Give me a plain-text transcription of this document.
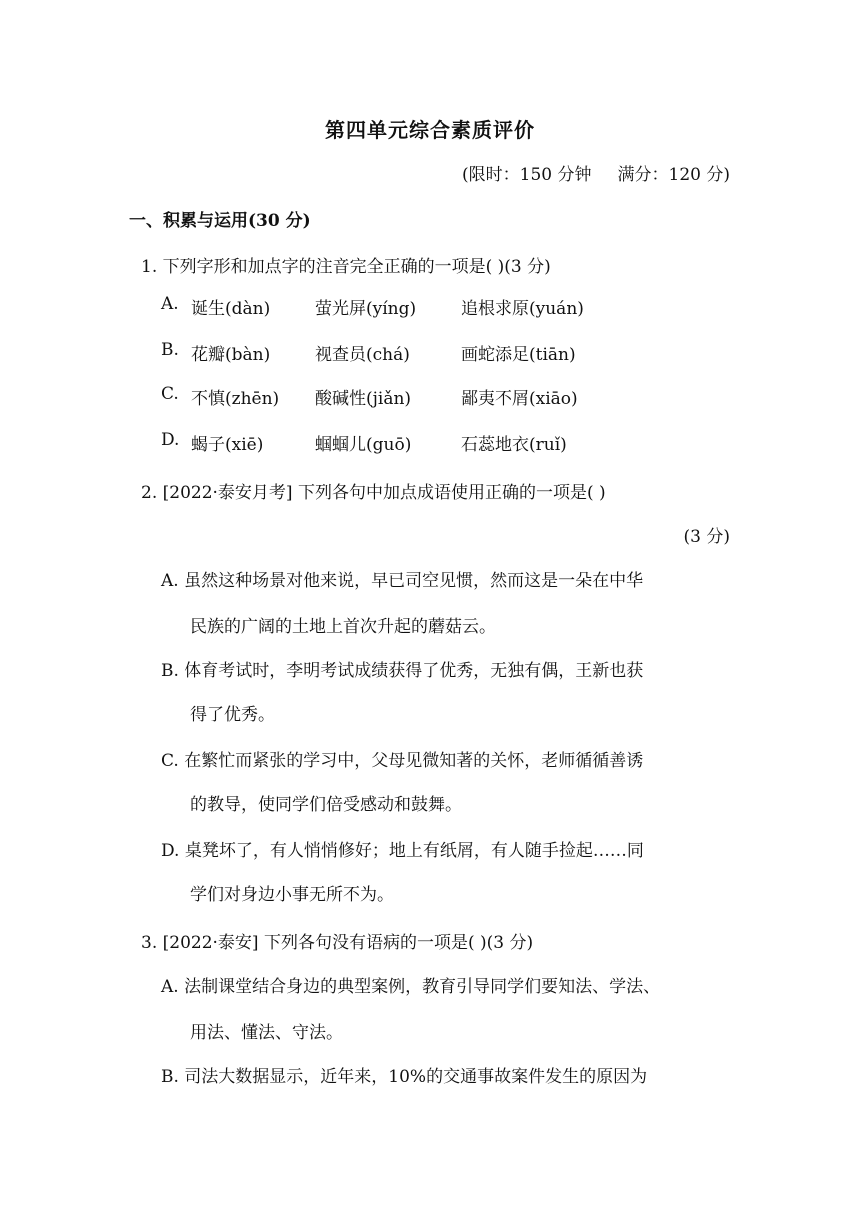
第四单元综合素质评价
(限时：150 分钟 满分：120 分)
一、积累与运用(30 分)
1. 下列字形和加点字的注音完全正确的一项是( )(3 分)
A. 诞生(dàn)	萤光屏(yíng)	追根求原(yuán)
B. 花瓣(bàn)	视查员(chá)	画蛇添足(tiān)
C. 不慎(zhēn)	酸碱性(jiǎn)	鄙夷不屑(xiāo)
D. 蝎子(xiē)	蝈蝈儿(guō)	石蕊地衣(ruǐ)
2. [2022·泰安月考] 下列各句中加点成语使用正确的一项是( )
(3 分)
A. 虽然这种场景对他来说，早已司空见惯，然而这是一朵在中华
民族的广阔的土地上首次升起的蘑菇云。
B. 体育考试时，李明考试成绩获得了优秀，无独有偶，王新也获
得了优秀。
C. 在繁忙而紧张的学习中，父母见微知著的关怀，老师循循善诱
的教导，使同学们倍受感动和鼓舞。
D. 桌凳坏了，有人悄悄修好；地上有纸屑，有人随手捡起……同
学们对身边小事无所不为。
3. [2022·泰安] 下列各句没有语病的一项是( )(3 分)
A. 法制课堂结合身边的典型案例，教育引导同学们要知法、学法、
用法、懂法、守法。
B. 司法大数据显示，近年来，10%的交通事故案件发生的原因为
